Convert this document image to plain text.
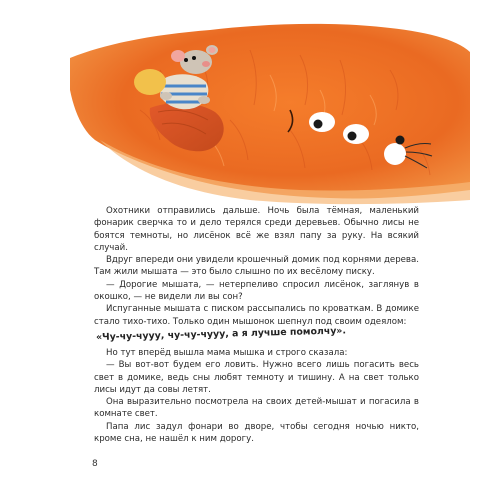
Охотники отправились дальше. Ночь была тёмная, маленький фонарик сверчка то и дело терялся среди деревьев. Обычно лисы не боятся темноты, но лисёнок всё же взял папу за руку. На всякий случай.

Вдруг впереди они увидели крошечный домик под корнями дерева. Там жили мышата — это было слышно по их весёлому писку.

— Дорогие мышата, — нетерпеливо спросил лисёнок, заглянув в окошко, — не видели ли вы сон?

Испуганные мышата с писком рассыпались по кроваткам. В домике стало тихо-тихо. Только один мышонок шепнул под своим одеялом:

«Чу-чу-чууу, чу-чу-чууу, а я лучше помолчу».

Но тут вперёд вышла мама мышка и строго сказала:

— Вы вот-вот будем его ловить. Нужно всего лишь погасить весь свет в домике, ведь сны любят темноту и тишину. А на свет только лисы идут да совы летят.

Она выразительно посмотрела на своих детей-мышат и погасила в комнате свет.

Папа лис задул фонари во дворе, чтобы сегодня ночью никто, кроме сна, не нашёл к ним дорогу.

8
